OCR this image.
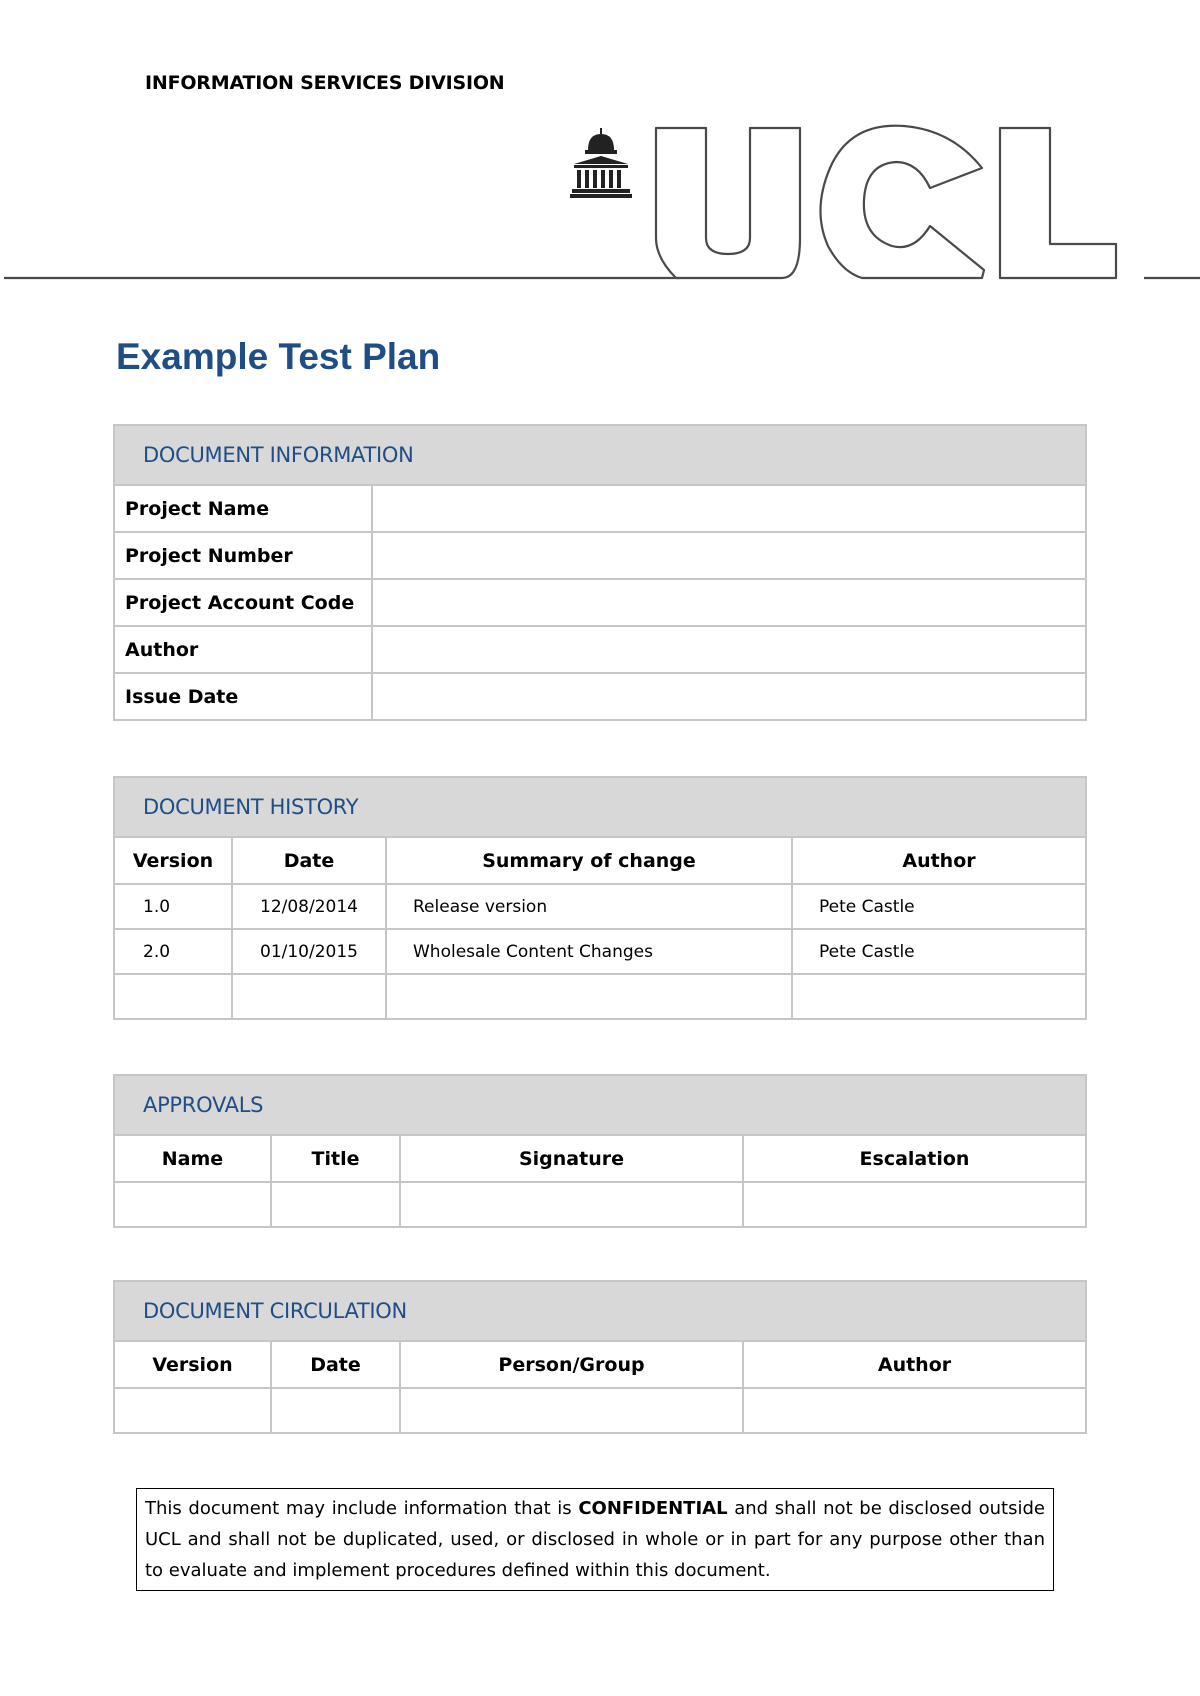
INFORMATION SERVICES DIVISION
Example Test Plan
DOCUMENT INFORMATION	

Project Name	
Project Number	
Project Account Code	
Author	
Issue Date	
DOCUMENT HISTORY			

Version	Date	Summary of change	Author
1.0	12/08/2014	Release version	Pete Castle
2.0	01/10/2015	Wholesale Content Changes	Pete Castle

APPROVALS			

Name	Title	Signature	Escalation

DOCUMENT CIRCULATION			

Version	Date	Person/Group	Author

This document may include information that is CONFIDENTIAL and shall not be disclosed outside UCL and shall not be duplicated, used, or disclosed in whole or in part for any purpose other than to evaluate and implement procedures defined within this document.
